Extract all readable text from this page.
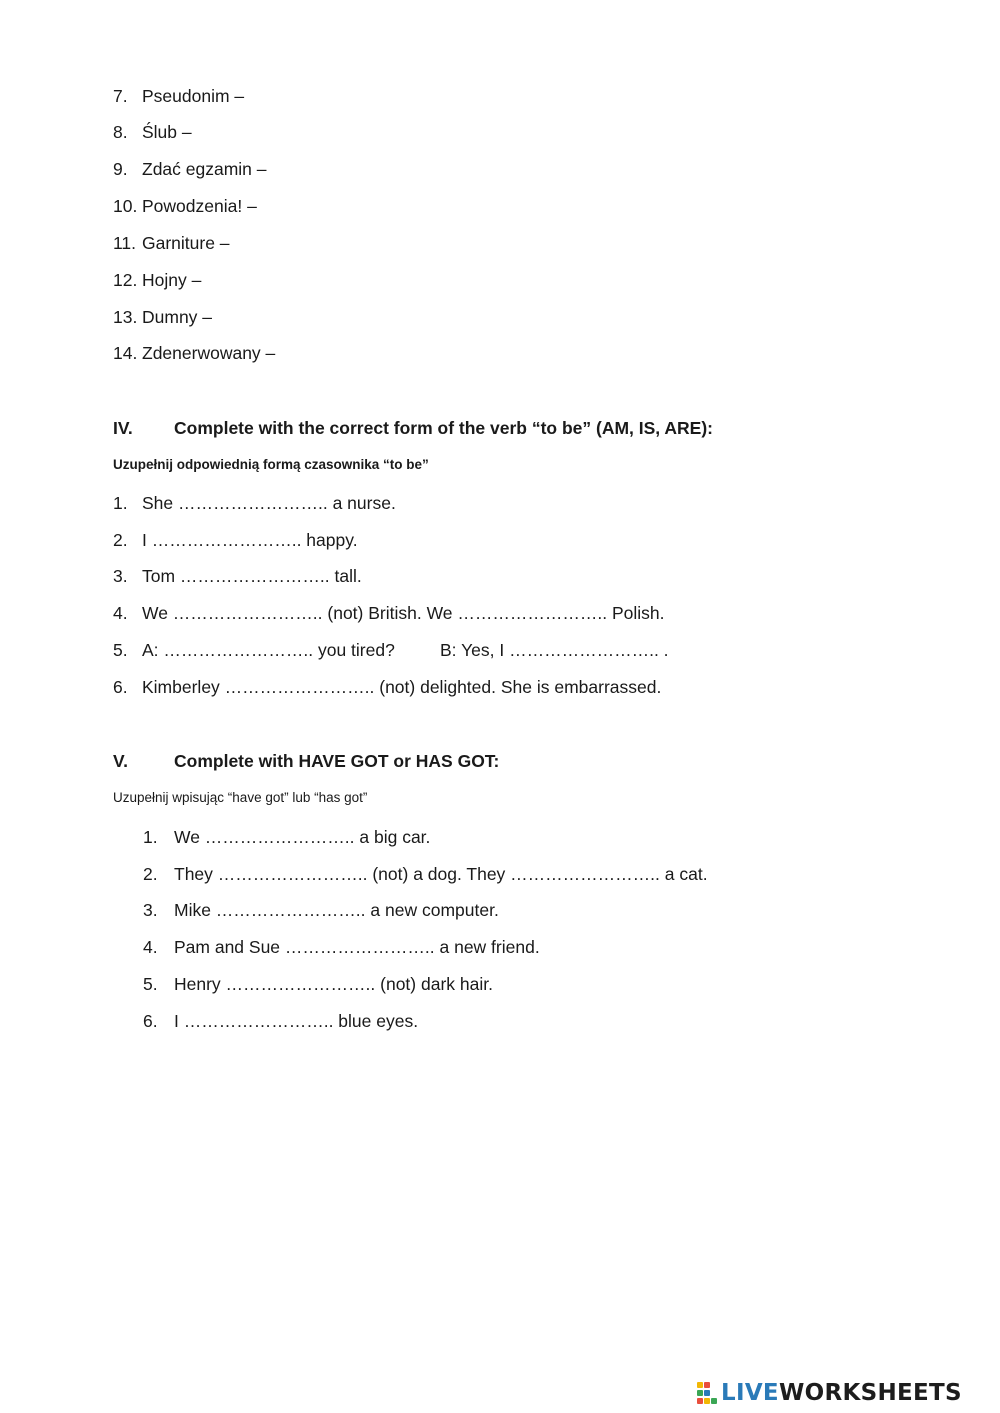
7. Pseudonim –
8. Ślub –
9. Zdać egzamin –
10. Powodzenia! –
11. Garniture –
12. Hojny –
13. Dumny –
14. Zdenerwowany –
IV. Complete with the correct form of the verb “to be” (AM, IS, ARE):
Uzupełnij odpowiednią formą czasownika “to be”
1. She …………………….. a nurse.
2. I …………………….. happy.
3. Tom …………………….. tall.
4. We …………………….. (not) British. We …………………….. Polish.
5. A: …………………….. you tired?	B: Yes, I …………………….. .
6. Kimberley …………………….. (not) delighted. She is embarrassed.
V.	Complete with HAVE GOT or HAS GOT:
Uzupełnij wpisując “have got” lub “has got”
1. We …………………….. a big car.
2. They …………………….. (not) a dog. They …………………….. a cat.
3. Mike …………………….. a new computer.
4. Pam and Sue …………………….. a new friend.
5. Henry …………………….. (not) dark hair.
6. I …………………….. blue eyes.
LIVEWORKSHEETS
